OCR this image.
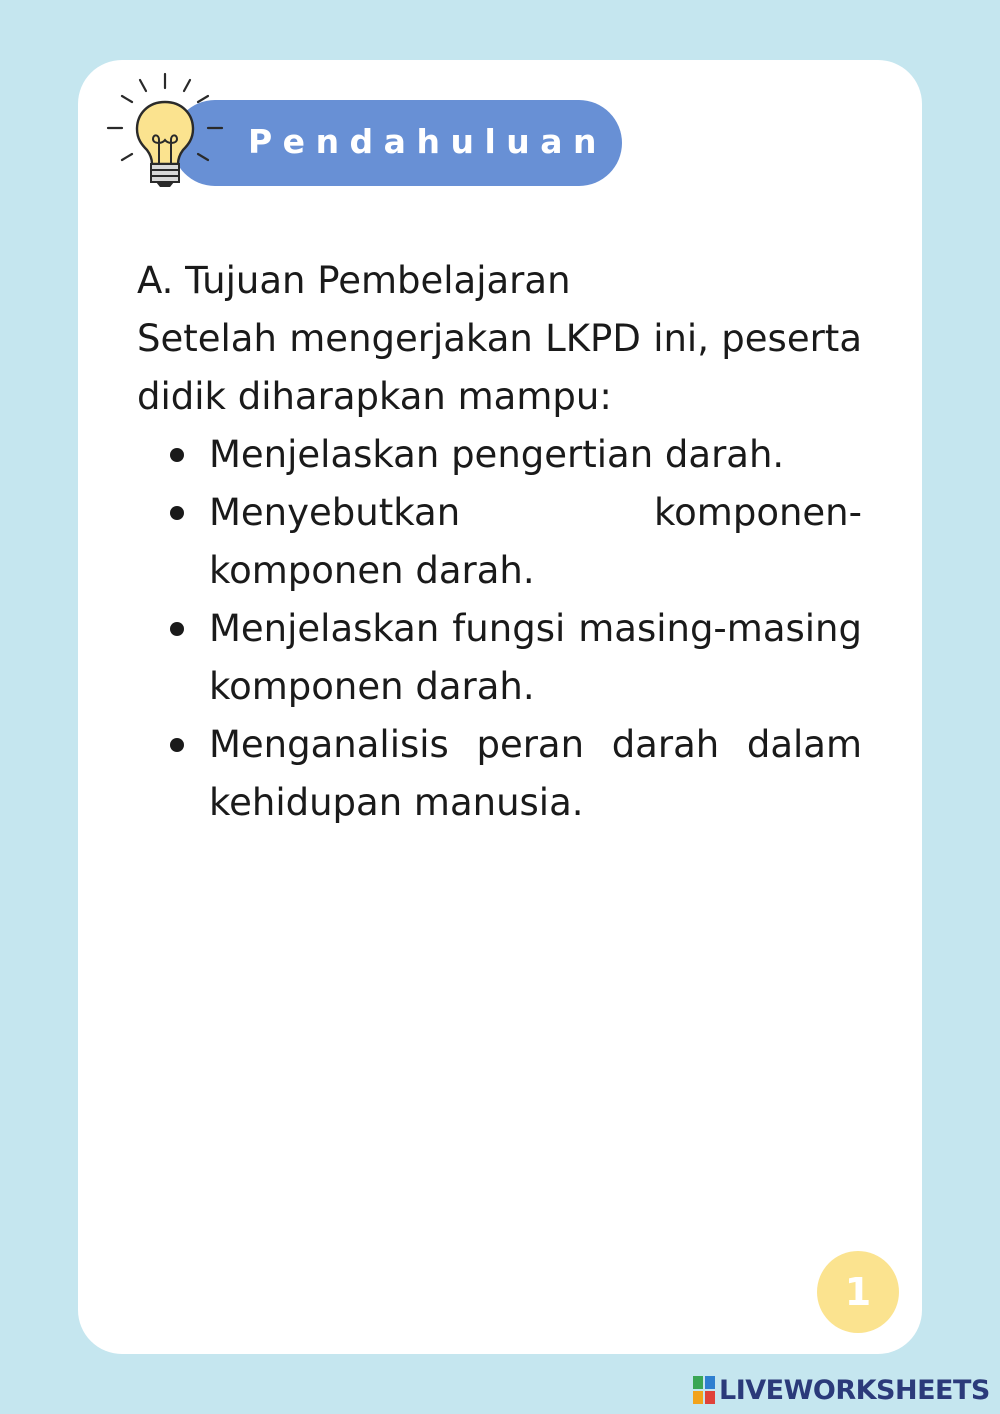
Pendahuluan

A. Tujuan Pembelajaran

Setelah mengerjakan LKPD ini, peserta didik diharapkan mampu:

Menjelaskan pengertian darah.
Menyebutkan komponen-komponen darah.
Menjelaskan fungsi masing-masing komponen darah.
Menganalisis peran darah dalam kehidupan manusia.
1
LIVEWORKSHEETS
